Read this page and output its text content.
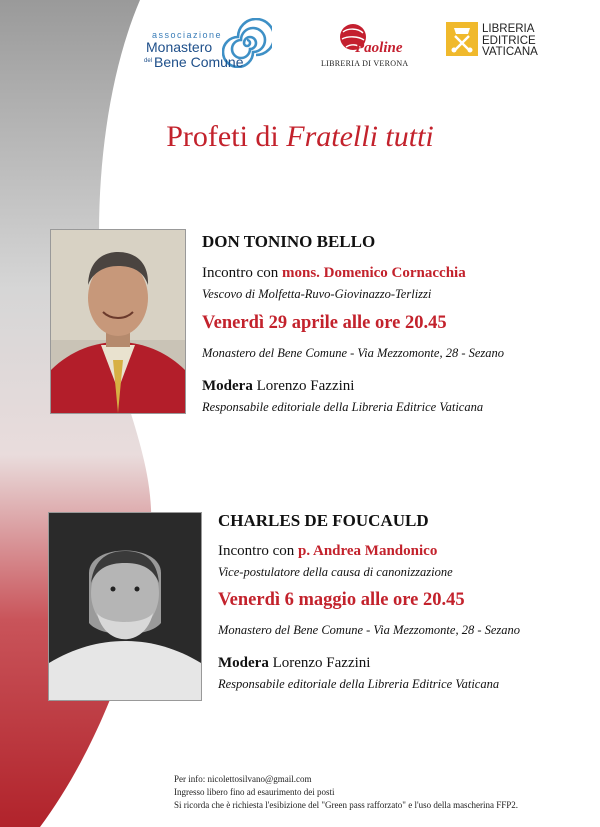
associazione
Monastero
del Bene Comune
Paoline
LIBRERIA DI VERONA
LIBRERIA
EDITRICE
VATICANA
Profeti di Fratelli tutti
DON TONINO BELLO
Incontro con mons. Domenico Cornacchia
Vescovo di Molfetta-Ruvo-Giovinazzo-Terlizzi
Venerdì 29 aprile alle ore 20.45
Monastero del Bene Comune - Via Mezzomonte, 28 - Sezano
Modera Lorenzo Fazzini
Responsabile editoriale della Libreria Editrice Vaticana
CHARLES DE FOUCAULD
Incontro con p. Andrea Mandonico
Vice-postulatore della causa di canonizzazione
Venerdì 6 maggio alle ore 20.45
Monastero del Bene Comune - Via Mezzomonte, 28 - Sezano
Modera Lorenzo Fazzini
Responsabile editoriale della Libreria Editrice Vaticana
Per info: nicolettosilvano@gmail.com
Ingresso libero fino ad esaurimento dei posti
Si ricorda che è richiesta l'esibizione del "Green pass rafforzato" e l'uso della mascherina FFP2.
